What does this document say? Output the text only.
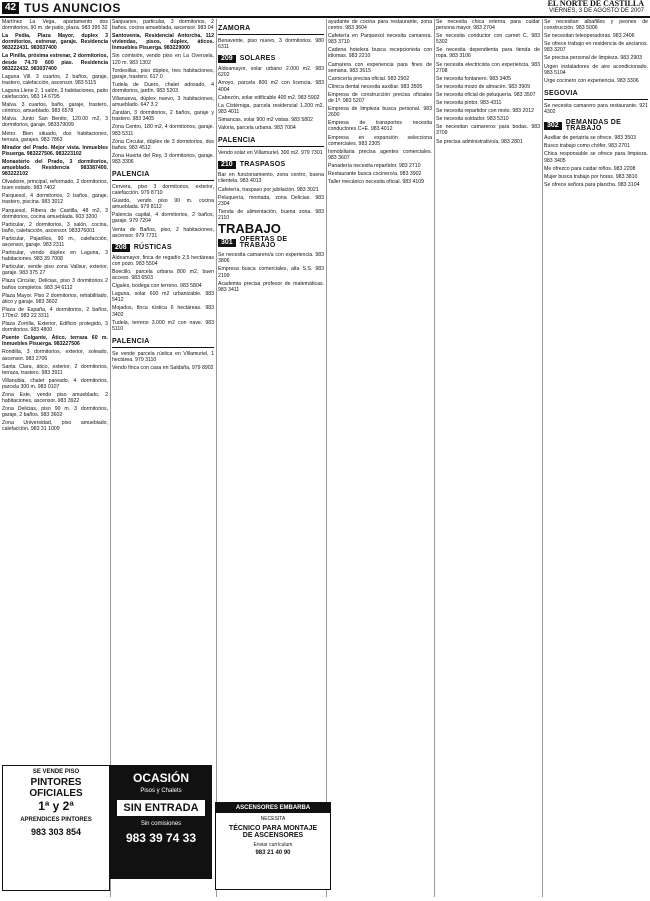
42 TUS ANUNCIOS	EL NORTE DE CASTILLA
VIERNES, 3 DE AGOSTO DE 2007

Martínez La Vega, apartamento dos dormitorios, 90 m. de patio, plaza. 983 395 32

La Pedia, Plaza Mayor, duplex 3 dormitorios, estrenar, garaje. Residencia 983222431. 983037400

La Pinilla, próxima estrenar, 2 dormitorios, desde 74.70 600 pias. Residencia 983222432. 983037400

Laguna Vill. 3 cuartos, 2 baños, garaje, trastero, calefacción, ascensor. 983 5115

Laguna Llene 2, 1 salón, 3 habitaciones, patio calefacción, 983 14 6795

Malva. 3 cuartos, baño, garaje, trastero, céntrico, amueblado. 983 6578

Malva. Junto San Benito, 120.00 m2, 3 dormitorios, garaje. 983379099

Metro. Bien situado, dos habitaciones, terraza, garajes. 983 7863

Mirador del Prado. Mejor vista. Inmuebles Pisuerga. 983227506. 983223102

Monasterio del Prado, 3 dormitorios, amueblado. Residencia 983387400. 983222102

Olvadoire, principal, reformado, 2 dormitorios, buen estado. 983 7402

Parquesol, 4 dormitorios, 2 baños, garaje, trastero, piscina. 983 3012

Parquesol, Ribera de Castilla, 48 m2, 3 dormitorios, cocina amueblada. 603 3200

Particular, 2 dormitorios, 3 salón, cocina, baño, calefacción, ascensor. 983376001

Particular, Pajarillos, 90 m., calefacción, ascensor, garaje. 983 2311

Particular, vendo dúplex en Laguna, 3 habitaciones. 983 39 7008

Particular, vende piso zona Vallsur, exterior, garaje. 983 375 27

Plaza Circular, Delicias, piso 3 dormitorios 2 baños completos. 983 34 6112

Plaza Mayor. Piso 2 dormitorios, rehabilitado, ático y garaje. 983 3602

Plaza de España, 4 dormitorios, 2 baños, 170m2. 983 22 3311

Plaza Zorrilla, Exterior, Edificio protegido, 3 dormitorios. 983 4800

Puente Colgante, Ático, terraza 60 m. Inmuebles Pisuerga. 983227506

Rondilla, 3 dormitorios, exterior, soleado, ascensor. 983 2706

Santa Clara, ático, exterior, 2 dormitorios, terraza, trastero. 983 3911

Villanubla, chalet pareado, 4 dormitorios, parcela 300 m. 983 0107

Zona Este, vendo piso amueblado, 2 habitaciones, ascensor. 983 3922

Zona Delicias, piso 90 m. 3 dormitorios, garaje, 2 baños. 983 3602

Zona Universidad, piso amueblado, calefacción. 983 31 1009

Sanjuanes, particular, 3 dormitorios, 2 baños, cocina amueblada, ascensor. 983 04

Santovenia, Residencial Antorcha, 112 viviendas, pisos, dúplex, áticos. Inmuebles Pisuerga. 983229000

Sin comisión, vendo piso en La Overuela, 120 m. 983 1302

Tordesillas, piso dúplex, tres habitaciones, garaje, trastero. 617 0

Tudela de Duero, chalet adosado, 4 dormitorios, jardín. 983 5203

Villanueva, dúplex nuevo, 3 habitaciones, amueblado. 647 3 2

Zaratán, 3 dormitorios, 2 baños, garaje y trastero. 983 3405

Zona Centro, 180 m2, 4 dormitorios, garaje. 983 5311

Zona Circular, dúplex de 3 dormitorios, dos baños. 983 4512

Zona Huerta del Rey, 3 dormitorios, garaje. 983 3306

PALENCIA

Cervera, piso 3 dormitorios, exterior, calefacción. 979 8710

Guardo, vendo piso 90 m. cocina amueblada. 979 8112

Palencia capital, 4 dormitorios, 2 baños, garaje. 979 7204

Venta de Baños, piso, 2 habitaciones, ascensor. 979 7731

208	RÚSTICAS

Aldeamayor, finca de regadío 2,5 hectáreas con pozo. 983 5504

Boecillo, parcela urbana 800 m2, buen acceso. 983 6503

Cigales, bodega con terreno. 983 5804

Laguna, solar 600 m2 urbanizable. 983 5412

Mojados, finca rústica 6 hectáreas. 983 3402

Tudela, terreno 3.000 m2 con nave. 983 5110

PALENCIA

Se vende parcela rústica en Villamuriel, 1 hectárea. 979 3110

Vendo finca con casa en Saldaña, 979 8902

ZAMORA

Benavente, piso nuevo, 3 dormitorios. 980 6311

209	SOLARES

Aldeamayor, solar urbano 2.000 m2. 983 6202

Arroyo, parcela 800 m2 con licencia. 983 4004

Cabezón, solar edificable 400 m2. 983 5902

La Cistérniga, parcela residencial 1.200 m2. 983 4011

Simancas, solar 900 m2 vistas. 983 5802

Valoria, parcela urbana. 983 7004

PALENCIA

Vendo solar en Villamuriel, 300 m2. 979 7301

210	TRASPASOS

Bar en funcionamiento, zona centro, buena clientela. 983 4013

Cafetería, traspaso por jubilación. 983 3021

Peluquería, montada, zona Delicias. 983 2304

Tienda de alimentación, buena zona. 983 2110

TRABAJO
301	OFERTAS DE TRABAJO

Se necesita camarero/a con experiencia. 983 3806

Empresa busca comerciales, alta S.S. 983 2109

Academia precisa profesor de matemáticas. 983 3411

ayudante de cocina para restaurante, zona centro. 983 3604

Cafetería en Parquesol necesita camarera. 983 3710

Cadena hotelera busca recepcionista con idiomas. 983 2210

Camarera con experiencia para fines de semana. 983 3615

Carnicería precisa oficial. 983 2902

Clínica dental necesita auxiliar. 983 3505

Empresa de construcción precisa oficiales de 1ª. 983 5207

Empresa de limpieza busca personal. 983 2600

Empresa de transportes necesita conductores C+E. 983 4012

Empresa en expansión selecciona comerciales. 983 2305

Inmobiliaria precisa agentes comerciales. 983 3607

Panadería necesita repartidor. 983 2710

Restaurante busca cocinero/a. 983 3902

Taller mecánico necesita oficial. 983 4109

Se necesita chica interna para cuidar persona mayor. 983 2704

Se necesita conductor con carnet C. 983 5302

Se necesita dependienta para tienda de ropa. 983 3106

Se necesita electricista con experiencia. 983 2708

Se necesita fontanero. 983 3405

Se necesita mozo de almacén. 983 3909

Se necesita oficial de peluquería. 983 3507

Se necesita pintor. 983 4311

Se necesita repartidor con moto. 983 2012

Se necesita soldador. 983 5310

Se necesitan camareros para bodas. 983 3709

Se precisa administrativo/a. 983 2801

Se necesitan albañiles y peones de construcción. 983 5006

Se necesitan teleoperadoras. 983 2406

Se ofrece trabajo en residencia de ancianos. 983 3207

Se precisa personal de limpieza. 983 2903

Urgen instaladores de aire acondicionado. 983 5104

Urge cocinero con experiencia. 983 3306

SEGOVIA

Se necesita camarero para restaurante. 921 4302

302	DEMANDAS DE TRABAJO

Auxiliar de geriatría se ofrece. 983 3503

Busco trabajo como chófer. 983 2701

Chica responsable se ofrece para limpieza. 983 3405

Me ofrezco para cuidar niños. 983 2208

Mujer busca trabajo por horas. 983 3810

Se ofrece señora para plancha. 983 3104

SE VENDE PISO
PINTORES OFICIALES
1ª y 2ª
APRENDICES PINTORES
983 303 854
OCASIÓN
Pisos y Chalets
SIN ENTRADA
Sin comisiones
983 39 74 33
ASCENSORES EMBARBA
NECESITA
TÉCNICO PARA MONTAJE
DE ASCENSORES
Enviar currículum
983 21 40 90
